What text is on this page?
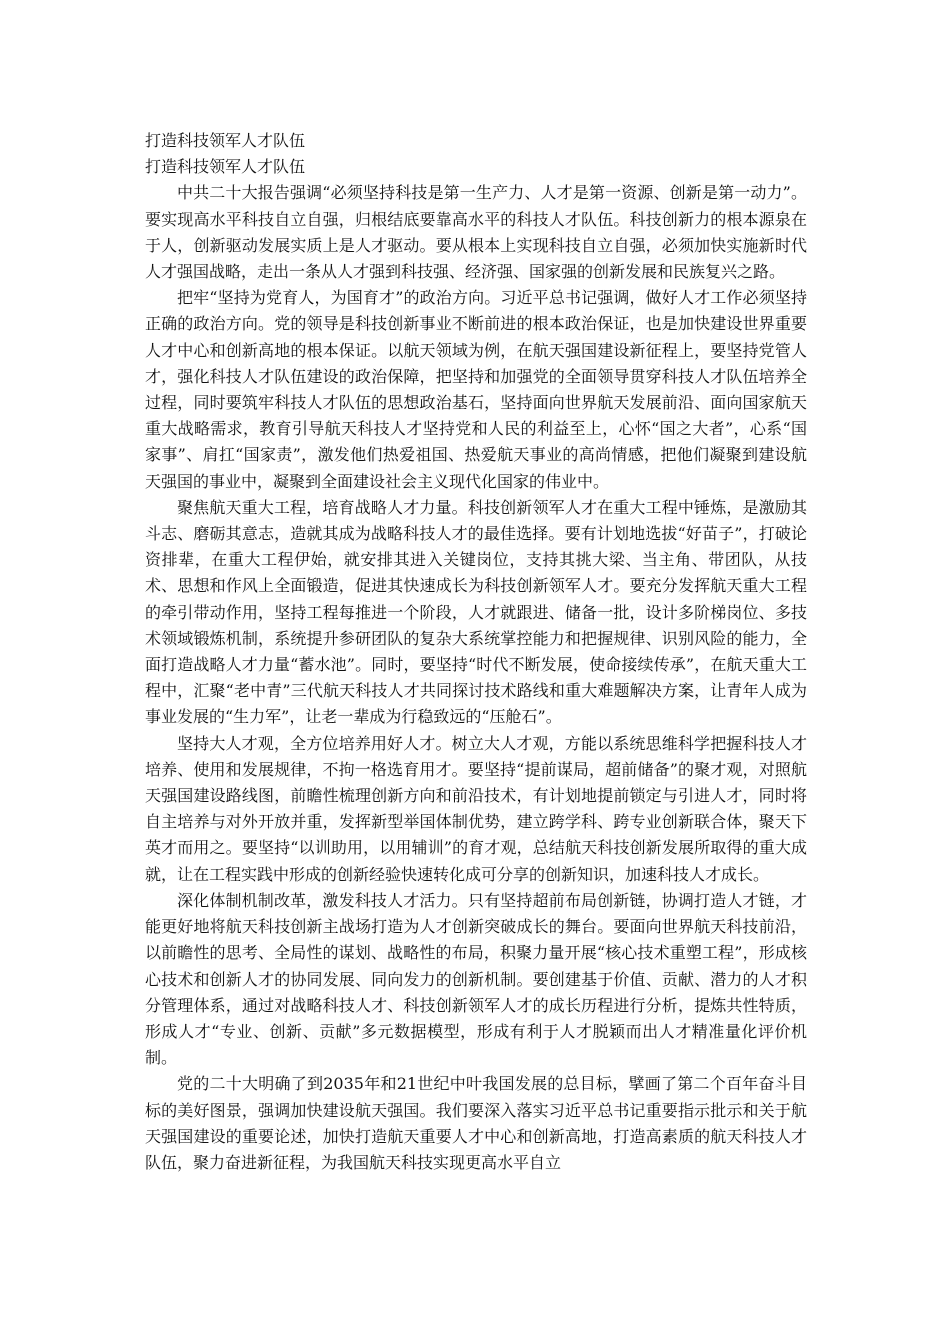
打造科技领军人才队伍
打造科技领军人才队伍

中共二十大报告强调“必须坚持科技是第一生产力、人才是第一资源、创新是第一动力”。要实现高水平科技自立自强，归根结底要靠高水平的科技人才队伍。科技创新力的根本源泉在于人，创新驱动发展实质上是人才驱动。要从根本上实现科技自立自强，必须加快实施新时代人才强国战略，走出一条从人才强到科技强、经济强、国家强的创新发展和民族复兴之路。

把牢“坚持为党育人，为国育才”的政治方向。习近平总书记强调，做好人才工作必须坚持正确的政治方向。党的领导是科技创新事业不断前进的根本政治保证，也是加快建设世界重要人才中心和创新高地的根本保证。以航天领域为例，在航天强国建设新征程上，要坚持党管人才，强化科技人才队伍建设的政治保障，把坚持和加强党的全面领导贯穿科技人才队伍培养全过程，同时要筑牢科技人才队伍的思想政治基石，坚持面向世界航天发展前沿、面向国家航天重大战略需求，教育引导航天科技人才坚持党和人民的利益至上，心怀“国之大者”，心系“国家事”、肩扛“国家责”，激发他们热爱祖国、热爱航天事业的高尚情感，把他们凝聚到建设航天强国的事业中，凝聚到全面建设社会主义现代化国家的伟业中。

聚焦航天重大工程，培育战略人才力量。科技创新领军人才在重大工程中锤炼，是激励其斗志、磨砺其意志，造就其成为战略科技人才的最佳选择。要有计划地选拔“好苗子”，打破论资排辈，在重大工程伊始，就安排其进入关键岗位，支持其挑大梁、当主角、带团队，从技术、思想和作风上全面锻造，促进其快速成长为科技创新领军人才。要充分发挥航天重大工程的牵引带动作用，坚持工程每推进一个阶段，人才就跟进、储备一批，设计多阶梯岗位、多技术领域锻炼机制，系统提升参研团队的复杂大系统掌控能力和把握规律、识别风险的能力，全面打造战略人才力量“蓄水池”。同时，要坚持“时代不断发展，使命接续传承”，在航天重大工程中，汇聚“老中青”三代航天科技人才共同探讨技术路线和重大难题解决方案，让青年人成为事业发展的“生力军”，让老一辈成为行稳致远的“压舱石”。

坚持大人才观，全方位培养用好人才。树立大人才观，方能以系统思维科学把握科技人才培养、使用和发展规律，不拘一格选育用才。要坚持“提前谋局，超前储备”的聚才观，对照航天强国建设路线图，前瞻性梳理创新方向和前沿技术，有计划地提前锁定与引进人才，同时将自主培养与对外开放并重，发挥新型举国体制优势，建立跨学科、跨专业创新联合体，聚天下英才而用之。要坚持“以训助用，以用辅训”的育才观，总结航天科技创新发展所取得的重大成就，让在工程实践中形成的创新经验快速转化成可分享的创新知识，加速科技人才成长。

深化体制机制改革，激发科技人才活力。只有坚持超前布局创新链，协调打造人才链，才能更好地将航天科技创新主战场打造为人才创新突破成长的舞台。要面向世界航天科技前沿，以前瞻性的思考、全局性的谋划、战略性的布局，积聚力量开展“核心技术重塑工程”，形成核心技术和创新人才的协同发展、同向发力的创新机制。要创建基于价值、贡献、潜力的人才积分管理体系，通过对战略科技人才、科技创新领军人才的成长历程进行分析，提炼共性特质，形成人才“专业、创新、贡献”多元数据模型，形成有利于人才脱颖而出人才精准量化评价机制。

党的二十大明确了到2035年和21世纪中叶我国发展的总目标，擘画了第二个百年奋斗目标的美好图景，强调加快建设航天强国。我们要深入落实习近平总书记重要指示批示和关于航天强国建设的重要论述，加快打造航天重要人才中心和创新高地，打造高素质的航天科技人才队伍，聚力奋进新征程，为我国航天科技实现更高水平自立
